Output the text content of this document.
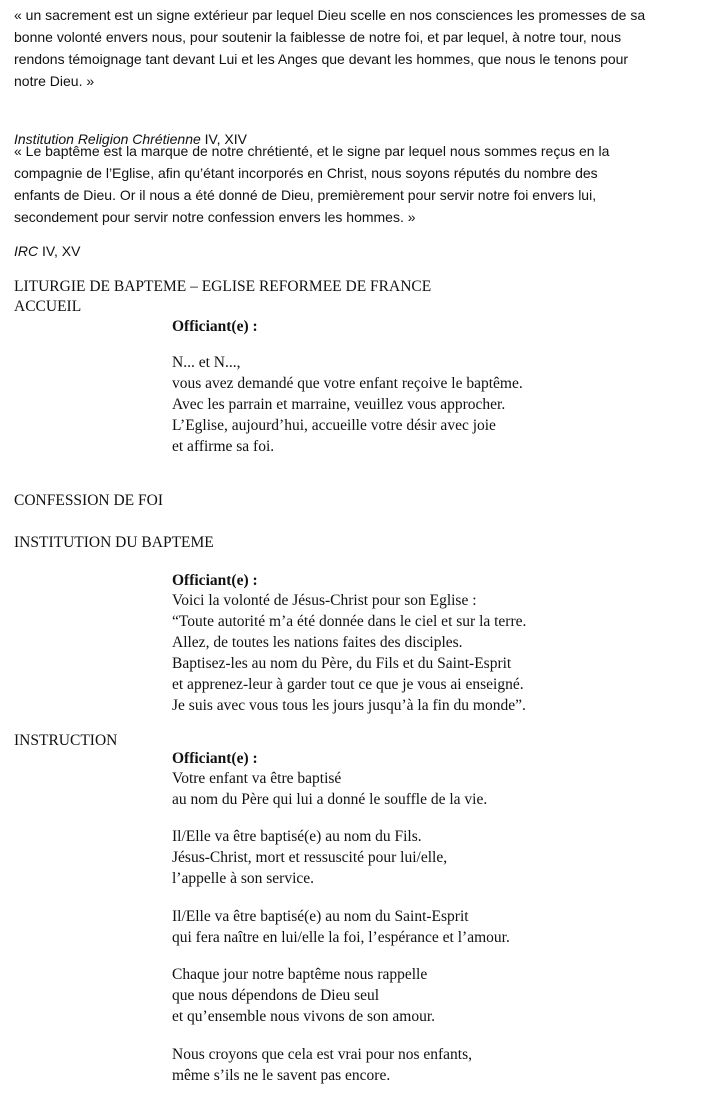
« un sacrement est un signe extérieur par lequel Dieu scelle en nos consciences les promesses de sa
bonne volonté envers nous, pour soutenir la faiblesse de notre foi, et par lequel, à notre tour, nous
rendons témoignage tant devant Lui et les Anges que devant les hommes, que nous le tenons pour
notre Dieu. »

Institution Religion Chrétienne IV, XIV

« Le baptême est la marque de notre chrétienté, et le signe par lequel nous sommes reçus en la
compagnie de l’Eglise, afin qu’étant incorporés en Christ, nous soyons réputés du nombre des
enfants de Dieu. Or il nous a été donné de Dieu, premièrement pour servir notre foi envers lui,
secondement pour servir notre confession envers les hommes. »

IRC IV, XV

LITURGIE DE BAPTEME – EGLISE REFORMEE DE FRANCE

ACCUEIL

Officiant(e) :

N... et N...,
vous avez demandé que votre enfant reçoive le baptême.
Avec les parrain et marraine, veuillez vous approcher.
L’Eglise, aujourd’hui, accueille votre désir avec joie
et affirme sa foi.

CONFESSION DE FOI

INSTITUTION DU BAPTEME

Officiant(e) :

Voici la volonté de Jésus-Christ pour son Eglise :
“Toute autorité m’a été donnée dans le ciel et sur la terre.
Allez, de toutes les nations faites des disciples.
Baptisez-les au nom du Père, du Fils et du Saint-Esprit
et apprenez-leur à garder tout ce que je vous ai enseigné.
Je suis avec vous tous les jours jusqu’à la fin du monde”.

INSTRUCTION

Officiant(e) :

Votre enfant va être baptisé
au nom du Père qui lui a donné le souffle de la vie.
Il/Elle va être baptisé(e) au nom du Fils.
Jésus-Christ, mort et ressuscité pour lui/elle,
l’appelle à son service.
Il/Elle va être baptisé(e) au nom du Saint-Esprit
qui fera naître en lui/elle la foi, l’espérance et l’amour.
Chaque jour notre baptême nous rappelle
que nous dépendons de Dieu seul
et qu’ensemble nous vivons de son amour.
Nous croyons que cela est vrai pour nos enfants,
même s’ils ne le savent pas encore.
